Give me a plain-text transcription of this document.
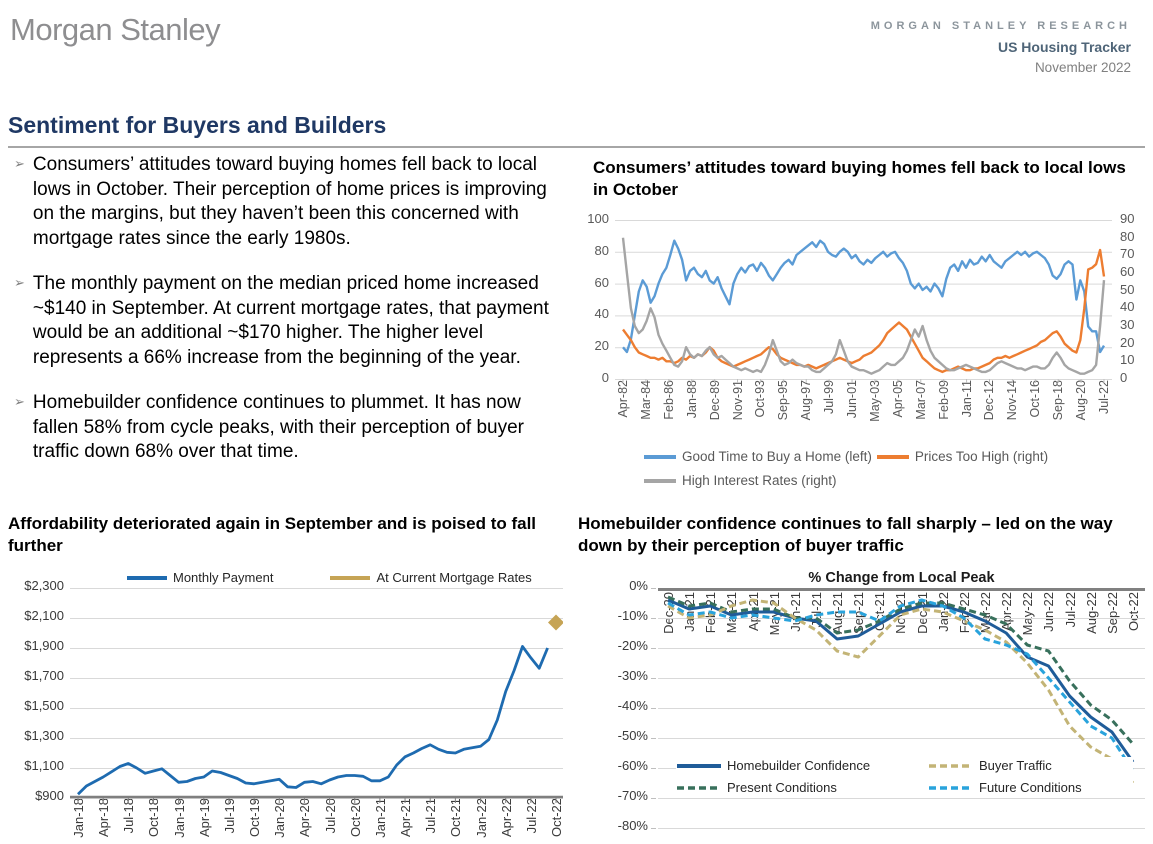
Morgan Stanley	MORGAN STANLEY RESEARCH
US Housing Tracker
November 2022
Sentiment for Buyers and Builders
➢ Consumers’ attitudes toward buying homes fell back to local lows in October. Their perception of home prices is improving on the margins, but they haven’t been this concerned with mortgage rates since the early 1980s.
➢ The monthly payment on the median priced home increased ~$140 in September. At current mortgage rates, that payment would be an additional ~$170 higher. The higher level represents a 66% increase from the beginning of the year.
➢ Homebuilder confidence continues to plummet. It has now fallen 58% from cycle peaks, with their perception of buyer traffic down 68% over that time.
Consumers’ attitudes toward buying homes fell back to local lows in October
Good Time to Buy a Home (left)	Prices Too High (right)
High Interest Rates (right)
100
80
60
40
20
0
90
80
70
60
50
40
30
20
10
0
Apr-82 Mar-84 Feb-86 Jan-88 Dec-89 Nov-91 Oct-93 Sep-95 Aug-97 Jul-99 Jun-01 May-03 Apr-05 Mar-07 Feb-09 Jan-11 Dec-12 Nov-14 Oct-16 Sep-18 Aug-20 Jul-22
Affordability deteriorated again in September and is poised to fall further
Monthly Payment	At Current Mortgage Rates
$2,300
$2,100
$1,900
$1,700
$1,500
$1,300
$1,100
$900
Jan-18 Apr-18 Jul-18 Oct-18 Jan-19 Apr-19 Jul-19 Oct-19 Jan-20 Apr-20 Jul-20 Oct-20 Jan-21 Apr-21 Jul-21 Oct-21 Jan-22 Apr-22 Jul-22 Oct-22
Homebuilder confidence continues to fall sharply – led on the way down by their perception of buyer traffic
% Change from Local Peak
Homebuilder Confidence	Buyer Traffic
Present Conditions	Future Conditions
Dec-20 Jan-21 Feb-21 Mar-21 Apr-21 May-21 Jun-21 Jul-21 Aug-21 Sep-21 Oct-21 Nov-21 Dec-21 Jan-22 Feb-22 Mar-22 Apr-22 May-22 Jun-22 Jul-22 Aug-22 Sep-22 Oct-22
0%
-10%
-20%
-30%
-40%
-50%
-60%
-70%
-80%
